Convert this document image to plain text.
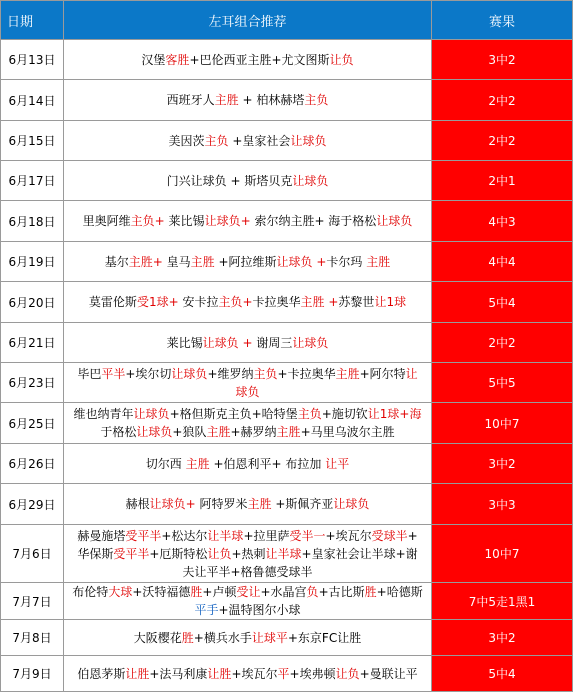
日期	左耳组合推荐	赛果
6月13日	汉堡客胜+巴伦西亚主胜+尤文图斯让负	3中2
6月14日	西班牙人主胜 + 柏林赫塔主负	2中2
6月15日	美因茨主负 +皇家社会让球负	2中2
6月17日	门兴让球负 + 斯塔贝克让球负	2中1
6月18日	里奥阿维主负+ 莱比锡让球负+ 索尔纳主胜+ 海于格松让球负	4中3
6月19日	基尔主胜+ 皇马主胜 +阿拉维斯让球负 +卡尔玛 主胜	4中4
6月20日	莫雷伦斯受1球+ 安卡拉主负+卡拉奥华主胜 +苏黎世让1球	5中4
6月21日	莱比锡让球负 + 谢周三让球负	2中2
6月23日	毕巴平半+埃尔切让球负+维罗纳主负+卡拉奥华主胜+阿尔特让
球负	5中5
6月25日	维也纳青年让球负+格但斯克主负+哈特堡主负+施切钦让1球+海
于格松让球负+狼队主胜+赫罗纳主胜+马里乌波尔主胜	10中7
6月26日	切尔西 主胜 +伯恩利平+ 布拉加 让平	3中2
6月29日	赫根让球负+ 阿特罗米主胜 +斯佩齐亚让球负	3中3
7月6日	赫曼施塔受平半+松达尔让半球+拉里萨受半一+埃瓦尔受球半+
华保斯受平半+厄斯特松让负+热刺让半球+皇家社会让半球+谢
夫让平半+格鲁德受球半	10中7
7月7日	布伦特大球+沃特福德胜+卢顿受让+水晶宫负+古比斯胜+哈德斯
平手+温特图尔小球	7中5走1黑1
7月8日	大阪樱花胜+横兵水手让球平+东京FC让胜	3中2
7月9日	伯恩茅斯让胜+法马利康让胜+埃瓦尔平+埃弗顿让负+曼联让平	5中4
